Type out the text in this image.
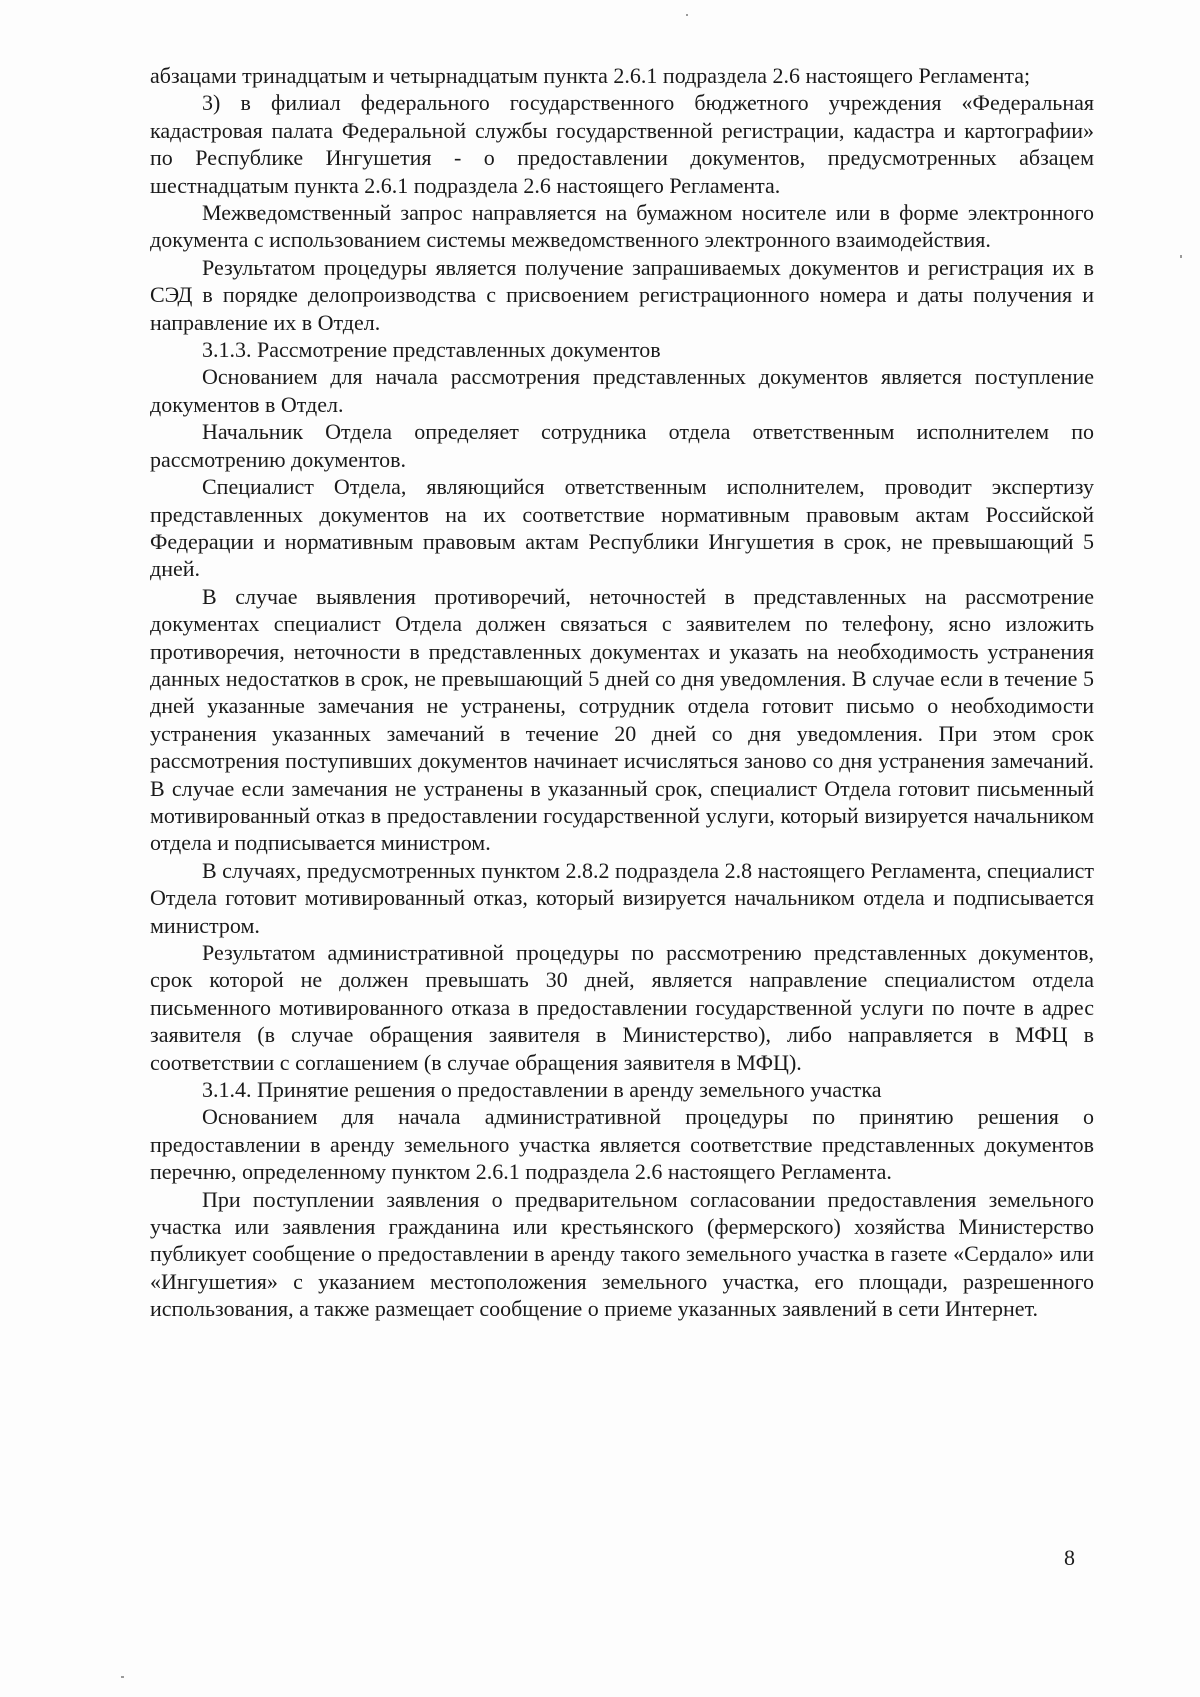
абзацами тринадцатым и четырнадцатым пункта 2.6.1 подраздела 2.6 настоящего Регламента;

3) в филиал федерального государственного бюджетного учреждения «Федеральная кадастровая палата Федеральной службы государственной регистрации, кадастра и картографии» по Республике Ингушетия - о предоставлении документов, предусмотренных абзацем шестнадцатым пункта 2.6.1 подраздела 2.6 настоящего Регламента.

Межведомственный запрос направляется на бумажном носителе или в форме электронного документа с использованием системы межведомственного электронного взаимодействия.

Результатом процедуры является получение запрашиваемых документов и регистрация их в СЭД в порядке делопроизводства с присвоением регистрационного номера и даты получения и направление их в Отдел.

3.1.3. Рассмотрение представленных документов

Основанием для начала рассмотрения представленных документов является поступление документов в Отдел.

Начальник Отдела определяет сотрудника отдела ответственным исполнителем по рассмотрению документов.

Специалист Отдела, являющийся ответственным исполнителем, проводит экспертизу представленных документов на их соответствие нормативным правовым актам Российской Федерации и нормативным правовым актам Республики Ингушетия в срок, не превышающий 5 дней.

В случае выявления противоречий, неточностей в представленных на рассмотрение документах специалист Отдела должен связаться с заявителем по телефону, ясно изложить противоречия, неточности в представленных документах и указать на необходимость устранения данных недостатков в срок, не превышающий 5 дней со дня уведомления. В случае если в течение 5 дней указанные замечания не устранены, сотрудник отдела готовит письмо о необходимости устранения указанных замечаний в течение 20 дней со дня уведомления. При этом срок рассмотрения поступивших документов начинает исчисляться заново со дня устранения замечаний. В случае если замечания не устранены в указанный срок, специалист Отдела готовит письменный мотивированный отказ в предоставлении государственной услуги, который визируется начальником отдела и подписывается министром.

В случаях, предусмотренных пунктом 2.8.2 подраздела 2.8 настоящего Регламента, специалист Отдела готовит мотивированный отказ, который визируется начальником отдела и подписывается министром.

Результатом административной процедуры по рассмотрению представленных документов, срок которой не должен превышать 30 дней, является направление специалистом отдела письменного мотивированного отказа в предоставлении государственной услуги по почте в адрес заявителя (в случае обращения заявителя в Министерство), либо направляется в МФЦ в соответствии с соглашением (в случае обращения заявителя в МФЦ).

3.1.4. Принятие решения о предоставлении в аренду земельного участка

Основанием для начала административной процедуры по принятию решения о предоставлении в аренду земельного участка является соответствие представленных документов перечню, определенному пунктом 2.6.1 подраздела 2.6 настоящего Регламента.

При поступлении заявления о предварительном согласовании предоставления земельного участка или заявления гражданина или крестьянского (фермерского) хозяйства Министерство публикует сообщение о предоставлении в аренду такого земельного участка в газете «Сердало» или «Ингушетия» с указанием местоположения земельного участка, его площади, разрешенного использования, а также размещает сообщение о приеме указанных заявлений в сети Интернет.

8
